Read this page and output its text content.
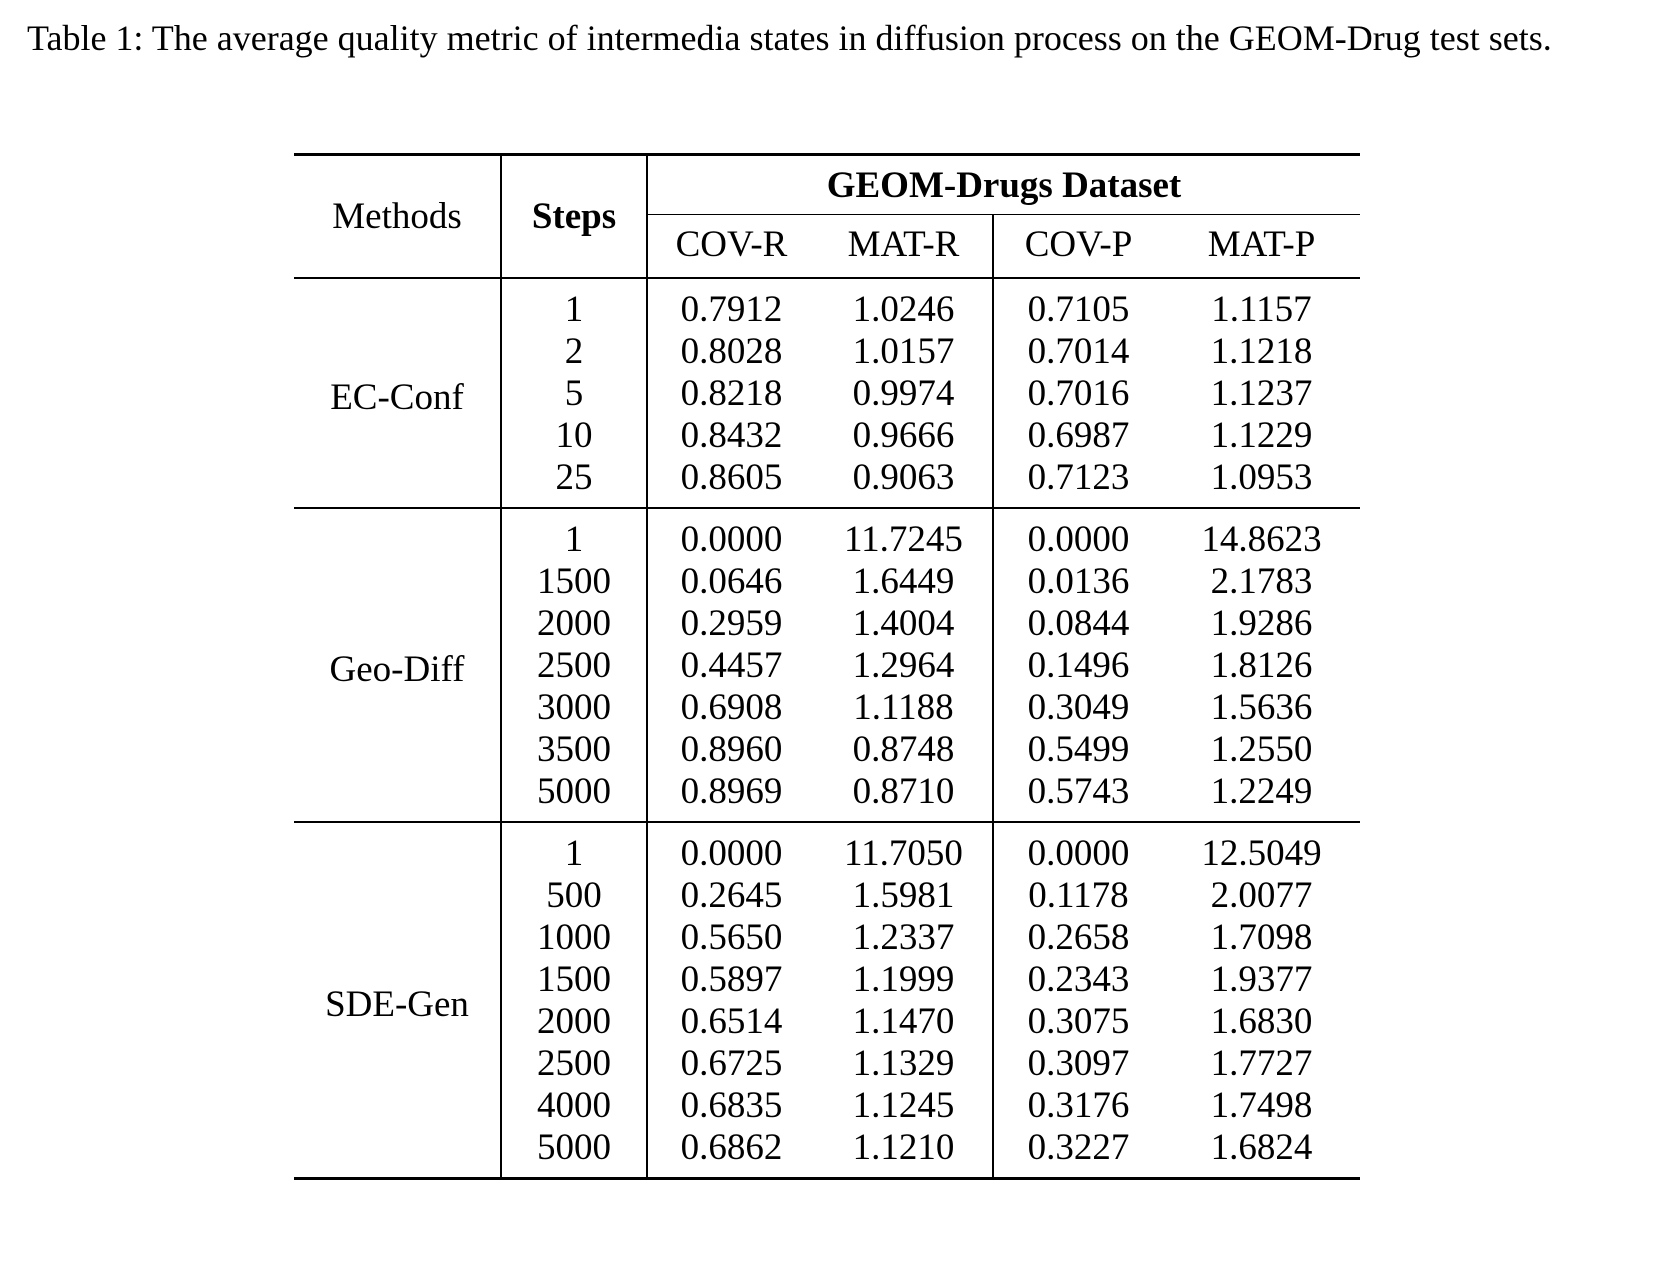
Table 1: The average quality metric of intermedia states in diffusion process on the GEOM-Drug test sets.

Methods	Steps	GEOM-Drugs Dataset			
		COV-R	MAT-R	COV-P	MAT-P
EC-Conf	1	0.7912	1.0246	0.7105	1.1157
	2	0.8028	1.0157	0.7014	1.1218
	5	0.8218	0.9974	0.7016	1.1237
	10	0.8432	0.9666	0.6987	1.1229
	25	0.8605	0.9063	0.7123	1.0953
Geo-Diff	1	0.0000	11.7245	0.0000	14.8623
	1500	0.0646	1.6449	0.0136	2.1783
	2000	0.2959	1.4004	0.0844	1.9286
	2500	0.4457	1.2964	0.1496	1.8126
	3000	0.6908	1.1188	0.3049	1.5636
	3500	0.8960	0.8748	0.5499	1.2550
	5000	0.8969	0.8710	0.5743	1.2249
SDE-Gen	1	0.0000	11.7050	0.0000	12.5049
	500	0.2645	1.5981	0.1178	2.0077
	1000	0.5650	1.2337	0.2658	1.7098
	1500	0.5897	1.1999	0.2343	1.9377
	2000	0.6514	1.1470	0.3075	1.6830
	2500	0.6725	1.1329	0.3097	1.7727
	4000	0.6835	1.1245	0.3176	1.7498
	5000	0.6862	1.1210	0.3227	1.6824
